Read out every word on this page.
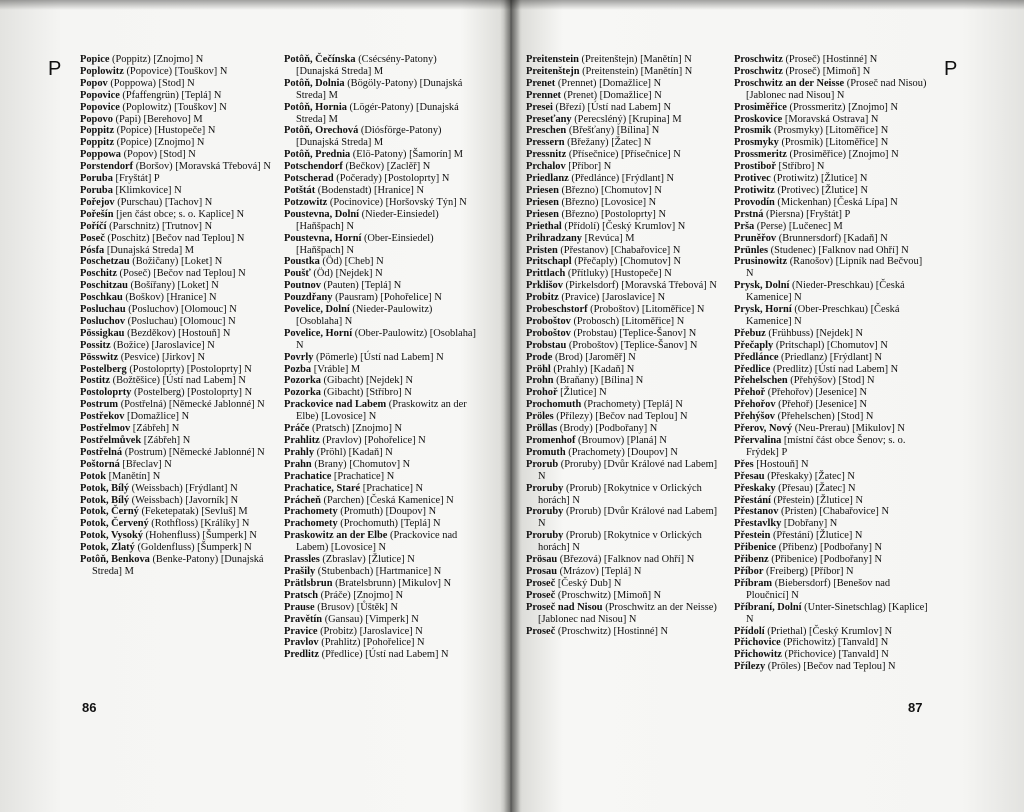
P Popice (Poppitz) [Znojmo] N

Poplowitz (Popovice) [Touškov] N

Popov (Poppowa) [Stod] N

Popovice (Pfaffengrün) [Teplá] N

Popovice (Poplowitz) [Touškov] N

Popovo (Papi) [Berehovo] M

Poppitz (Popice) [Hustopeče] N

Poppitz (Popice) [Znojmo] N

Poppowa (Popov) [Stod] N

Porstendorf (Boršov) [Moravská Třebová] N

Poruba [Fryštát] P

Poruba [Klimkovice] N

Pořejov (Purschau) [Tachov] N

Pořešín [jen část obce; s. o. Kaplice] N

Poříčí (Parschnitz) [Trutnov] N

Poseč (Poschitz) [Bečov nad Teplou] N

Pósfa [Dunajská Streda] M

Poschetzau (Božičany) [Loket] N

Poschitz (Poseč) [Bečov nad Teplou] N

Poschitzau (Bošířany) [Loket] N

Poschkau (Boškov) [Hranice] N

Posluchau (Posluchov) [Olomouc] N

Posluchov (Posluchau) [Olomouc] N

Pössigkau (Bezděkov) [Hostouň] N

Possitz (Božice) [Jaroslavice] N

Pösswitz (Pesvice) [Jirkov] N

Postelberg (Postoloprty) [Postoloprty] N

Postitz (Božtěšice) [Ústí nad Labem] N

Postoloprty (Postelberg) [Postoloprty] N

Postrum (Postřelná) [Německé Jablonné] N

Postřekov [Domažlice] N

Postřelmov [Zábřeh] N

Postřelmůvek [Zábřeh] N

Postřelná (Postrum) [Německé Jablonné] N

Poštorná [Břeclav] N

Potok [Manětín] N

Potok, Bílý (Weissbach) [Frýdlant] N

Potok, Bílý (Weissbach) [Javorník] N

Potok, Černý (Feketepatak) [Sevluš] M

Potok, Červený (Rothfloss) [Králíky] N

Potok, Vysoký (Hohenfluss) [Šumperk] N

Potok, Zlatý (Goldenfluss) [Šumperk] N

Potôň, Benkova (Benke-Patony) [Dunajská Streda] M

Potôň, Čečínska (Csécsény-Patony) [Dunajská Streda] M

Potôň, Dolnia (Bögöly-Patony) [Dunajská Streda] M

Potôň, Hornia (Lögér-Patony) [Dunajská Streda] M

Potôň, Orechová (Diósförge-Patony) [Dunajská Streda] M

Potôň, Prednia (Elö-Patony) [Šamorín] M

Potschendorf (Bečkov) [Zaclěř] N

Potscherad (Počerady) [Postoloprty] N

Potštát (Bodenstadt) [Hranice] N

Potzowitz (Pocinovice) [Horšovský Týn] N

Poustevna, Dolní (Nieder-Einsiedel) [Haňšpach] N

Poustevna, Horní (Ober-Einsiedel) [Haňšpach] N

Poustka (Öd) [Cheb] N

Poušť (Öd) [Nejdek] N

Poutnov (Pauten) [Teplá] N

Pouzdřany (Pausram) [Pohořelice] N

Povelice, Dolní (Nieder-Paulowitz) [Osoblaha] N

Povelice, Horní (Ober-Paulowitz) [Osoblaha] N

Povrly (Pömerle) [Ústí nad Labem] N

Pozba [Vráble] M

Pozorka (Gibacht) [Nejdek] N

Pozorka (Gibacht) [Stříbro] N

Prackovice nad Labem (Praskowitz an der Elbe) [Lovosice] N

Práče (Pratsch) [Znojmo] N

Prahlitz (Pravlov) [Pohořelice] N

Prahly (Pröhl) [Kadaň] N

Prahn (Brany) [Chomutov] N

Prachatice [Prachatice] N

Prachatice, Staré [Prachatice] N

Prácheň (Parchen) [Česká Kamenice] N

Prachomety (Promuth) [Doupov] N

Prachomety (Prochomuth) [Teplá] N

Praskowitz an der Elbe (Prackovice nad Labem) [Lovosice] N

Prassles (Zbraslav) [Žlutice] N

Prašily (Stubenbach) [Hartmanice] N

Prätlsbrun (Bratelsbrunn) [Mikulov] N

Pratsch (Práče) [Znojmo] N

Prause (Brusov) [Ůštěk] N

Pravětín (Gansau) [Vimperk] N

Pravice (Probitz) [Jaroslavice] N

Pravlov (Prahlitz) [Pohořelice] N

Predlitz (Předlice) [Ústí nad Labem] N

86

Preitenstein (Preitenštejn) [Manětín] N

Preitenštejn (Preitenstein) [Manětín] N

Prenet (Prennet) [Domažlice] N

Prennet (Prenet) [Domažlice] N

Presei (Březí) [Ústí nad Labem] N

Preseťany (Perecsléný) [Krupina] M

Preschen (Břešťany) [Bílina] N

Pressern (Břežany) [Žatec] N

Pressnitz (Přísečnice) [Přísečnice] N

Prchalov [Příbor] N

Priedlanz (Předlánce) [Frýdlant] N

Priesen (Březno) [Chomutov] N

Priesen (Březno) [Lovosice] N

Priesen (Březno) [Postoloprty] N

Priethal (Přídolí) [Český Krumlov] N

Prihradzany [Revúca] M

Pristen (Přestanov) [Chabařovice] N

Pritschapl (Přečaply) [Chomutov] N

Prittlach (Přítluky) [Hustopeče] N

Prklišov (Pirkelsdorf) [Moravská Třebová] N

Probitz (Pravice) [Jaroslavice] N

Probeschstorf (Proboštov) [Litoměřice] N

Proboštov (Probosch) [Litoměřice] N

Proboštov (Probstau) [Teplice-Šanov] N

Probstau (Proboštov) [Teplice-Šanov] N

Prode (Brod) [Jaroměř] N

Pröhl (Prahly) [Kadaň] N

Prohn (Braňany) [Bílina] N

Prohoř [Žlutice] N

Prochomuth (Prachomety) [Teplá] N

Pröles (Přílezy) [Bečov nad Teplou] N

Pröllas (Brody) [Podbořany] N

Promenhof (Broumov) [Planá] N

Promuth (Prachomety) [Doupov] N

Prorub (Proruby) [Dvůr Králové nad Labem] N

Proruby (Prorub) [Rokytnice v Orlických horách] N

Proruby (Prorub) [Dvůr Králové nad Labem] N

Proruby (Prorub) [Rokytnice v Orlických horách] N

Prösau (Březová) [Falknov nad Ohří] N

Prosau (Mrázov) [Teplá] N

Proseč [Český Dub] N

Proseč (Proschwitz) [Mimoň] N

Proseč nad Nisou (Proschwitz an der Neisse) [Jablonec nad Nisou] N

Proseč (Proschwitz) [Hostinné] N

Proschwitz (Proseč) [Hostinné] N

Proschwitz (Proseč) [Mimoň] N

Proschwitz an der Neisse (Proseč nad Nisou) [Jablonec nad Nisou] N

Prosiměřice (Prossmeritz) [Znojmo] N

Proskovice [Moravská Ostrava] N

Prosmik (Prosmyky) [Litoměřice] N

Prosmyky (Prosmik) [Litoměřice] N

Prossmeritz (Prosiměřice) [Znojmo] N

Prostiboř [Stříbro] N

Protivec (Protiwitz) [Žlutice] N

Protiwitz (Protivec) [Žlutice] N

Provodín (Mickenhan) [Česká Lípa] N

Prstná (Piersna) [Fryštát] P

Prša (Perse) [Lučenec] M

Pruněřov (Brunnersdorf) [Kadaň] N

Prünles (Studenec) [Falknov nad Ohří] N

Prusinowitz (Ranošov) [Lipník nad Bečvou] N

Prysk, Dolní (Nieder-Preschkau) [Česká Kamenice] N

Prysk, Horní (Ober-Preschkau) [Česká Kamenice] N

Přebuz (Frühbuss) [Nejdek] N

Přečaply (Pritschapl) [Chomutov] N

Předlánce (Priedlanz) [Frýdlant] N

Předlice (Predlitz) [Ústí nad Labem] N

Přehelschen (Přehýšov) [Stod] N

Přehoř (Přehořov) [Jesenice] N

Přehořov (Přehoř) [Jesenice] N

Přehýšov (Přehelschen) [Stod] N

Přerov, Nový (Neu-Prerau) [Mikulov] N

Přervalina [místní část obce Šenov; s. o. Frýdek] P

Přes [Hostouň] N

Přesau (Přeskaky) [Žatec] N

Přeskaky (Přesau) [Žatec] N

Přestání (Přestein) [Žlutice] N

Přestanov (Pristen) [Chabařovice] N

Přestavlky [Dobřany] N

Přestein (Přestání) [Žlutice] N

Přibenice (Přibenz) [Podbořany] N

Přibenz (Přibenice) [Podbořany] N

Příbor (Freiberg) [Příbor] N

Příbram (Biebersdorf) [Benešov nad Ploučnicí] N

Příbraní, Dolní (Unter-Sinetschlag) [Kaplice] N

Přídolí (Priethal) [Český Krumlov] N

Přichovice (Přichowitz) [Tanvald] N

Přichowitz (Přichovice) [Tanvald] N

Přílezy (Pröles) [Bečov nad Teplou] N

P
87
